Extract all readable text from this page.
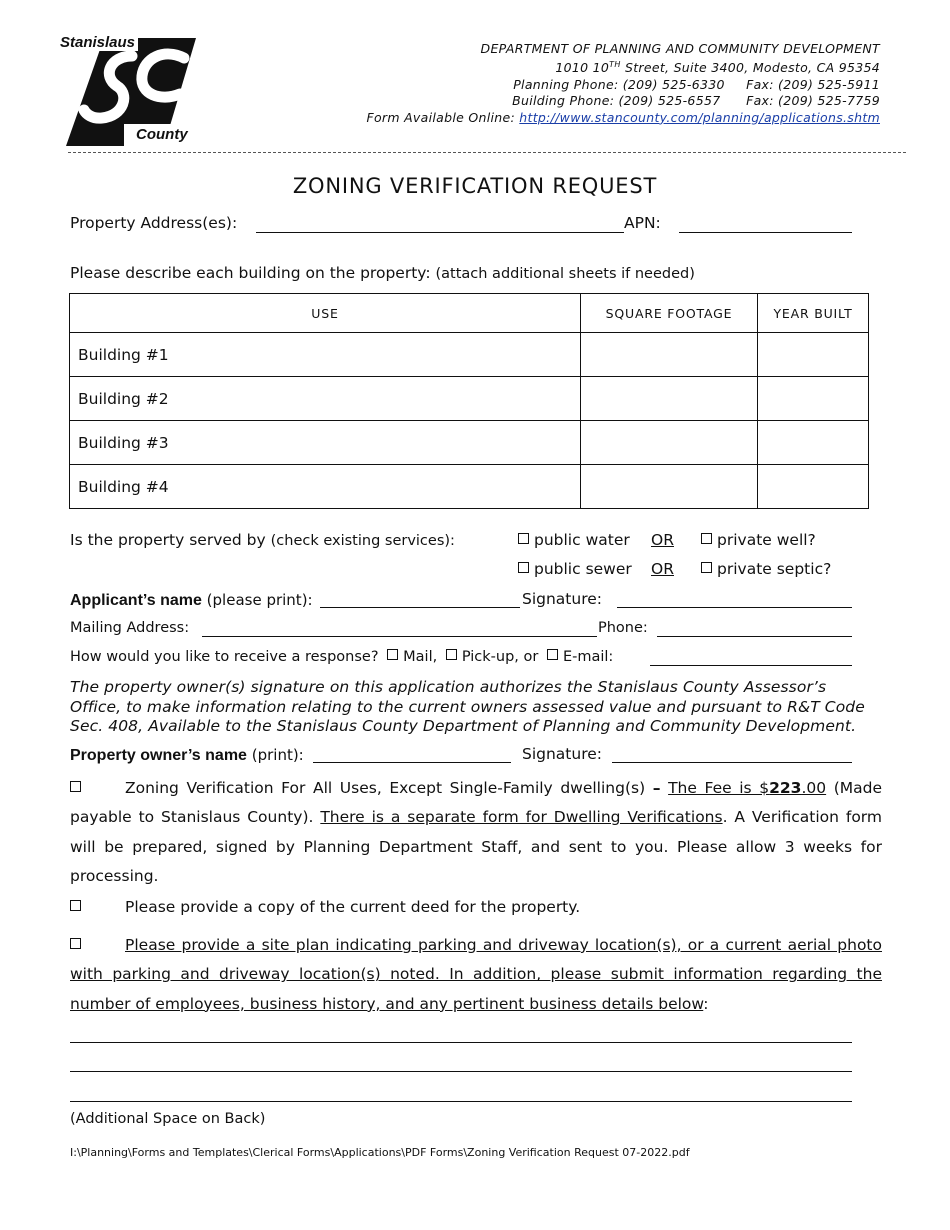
Stanislaus
County
DEPARTMENT OF PLANNING AND COMMUNITY DEVELOPMENT
1010 10TH Street, Suite 3400, Modesto, CA 95354
Planning Phone: (209) 525-6330 Fax: (209) 525-5911
Building Phone: (209) 525-6557 Fax: (209) 525-7759
Form Available Online: http://www.stancounty.com/planning/applications.shtm
ZONING VERIFICATION REQUEST
Property Address(es):	APN:
Please describe each building on the property: (attach additional sheets if needed)
USE	SQUARE FOOTAGE	YEAR BUILT
Building #1		
Building #2		
Building #3		
Building #4		
Is the property served by (check existing services):	public water OR	private well?
public sewer OR	private septic?
Applicant’s name (please print):	Signature:
Mailing Address:	Phone:
How would you like to receive a response? Mail, Pick-up, or E-mail:
The property owner(s) signature on this application authorizes the Stanislaus County Assessor’s Office, to make information relating to the current owners assessed value and pursuant to R&T Code Sec. 408, Available to the Stanislaus County Department of Planning and Community Development.
Property owner’s name (print):	Signature:
Zoning Verification For All Uses, Except Single-Family dwelling(s) – The Fee is $223.00 (Made payable to Stanislaus County). There is a separate form for Dwelling Verifications. A Verification form will be prepared, signed by Planning Department Staff, and sent to you. Please allow 3 weeks for processing.
Please provide a copy of the current deed for the property.
Please provide a site plan indicating parking and driveway location(s), or a current aerial photo with parking and driveway location(s) noted. In addition, please submit information regarding the number of employees, business history, and any pertinent business details below:
(Additional Space on Back)
I:\Planning\Forms and Templates\Clerical Forms\Applications\PDF Forms\Zoning Verification Request 07-2022.pdf
